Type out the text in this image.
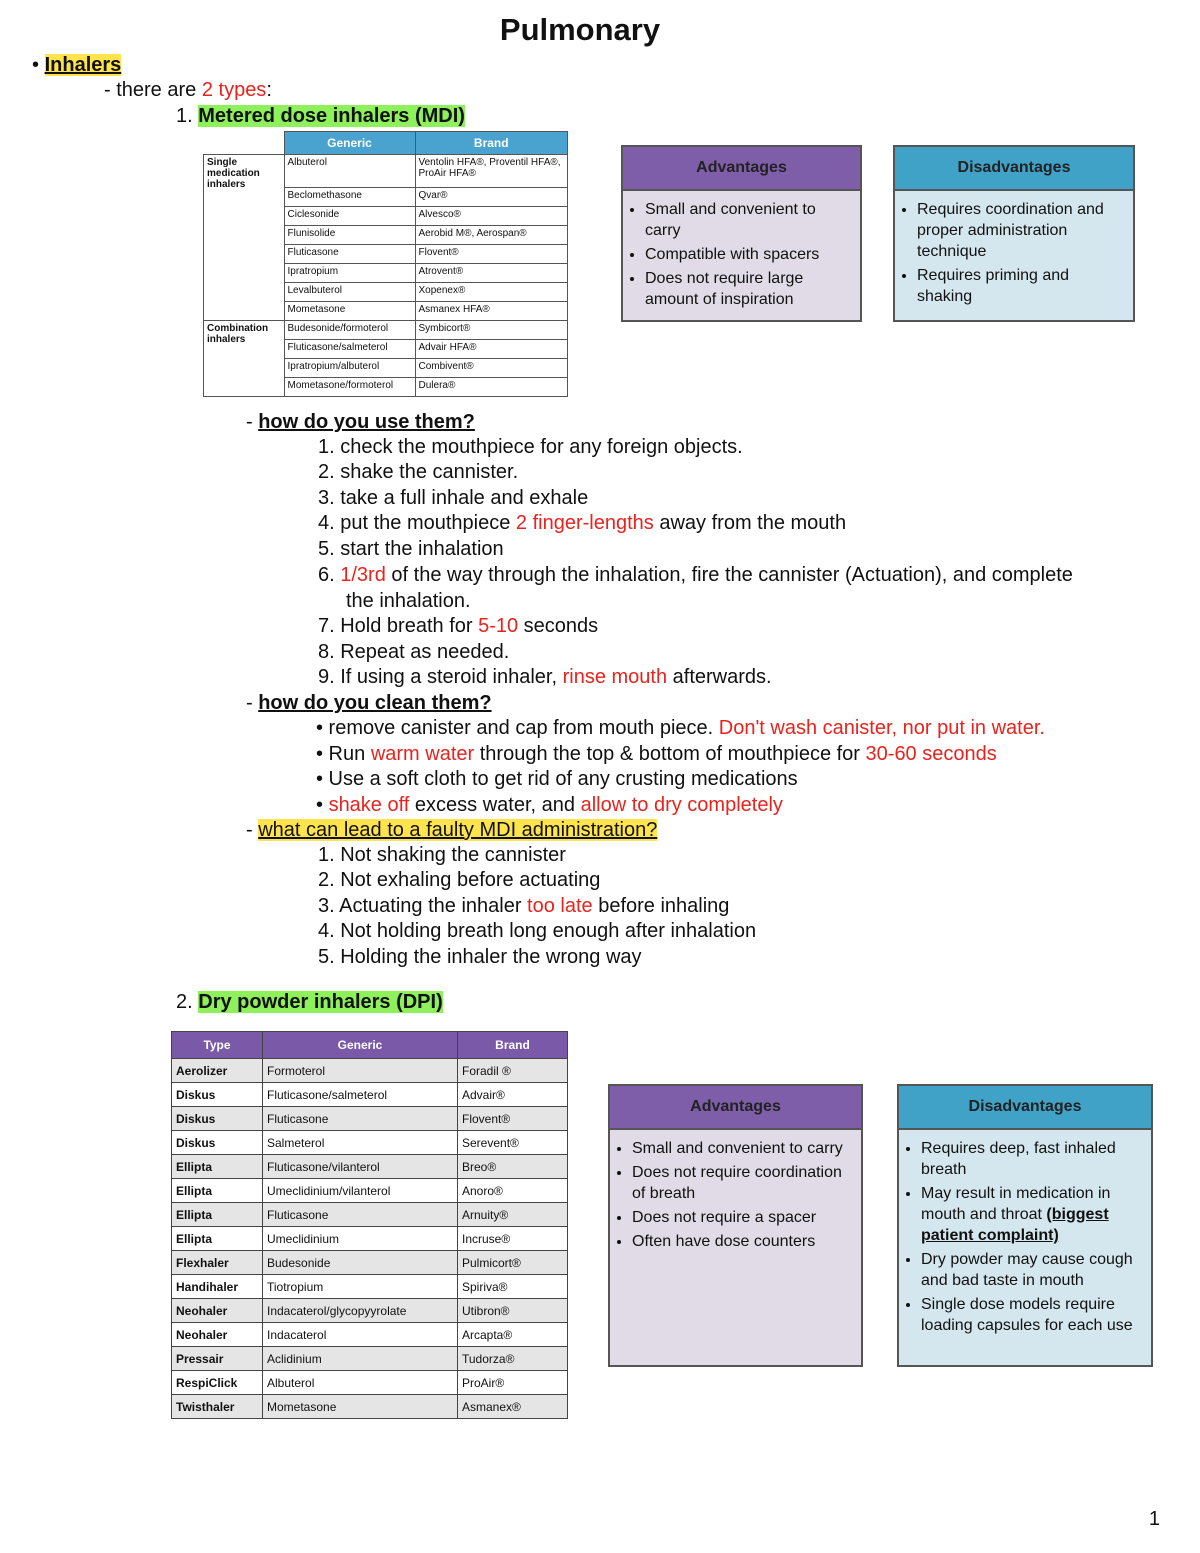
Pulmonary
• Inhalers
- there are 2 types:
1. Metered dose inhalers (MDI)
	Generic	Brand
Single medication inhalers	Albuterol	Ventolin HFA®, Proventil HFA®, ProAir HFA®
	Beclomethasone	Qvar®
	Ciclesonide	Alvesco®
	Flunisolide	Aerobid M®, Aerospan®
	Fluticasone	Flovent®
	Ipratropium	Atrovent®
	Levalbuterol	Xopenex®
	Mometasone	Asmanex HFA®
Combination inhalers	Budesonide/formoterol	Symbicort®
	Fluticasone/salmeterol	Advair HFA®
	Ipratropium/albuterol	Combivent®
	Mometasone/formoterol	Dulera®
Advantages
• Small and convenient to carry
• Compatible with spacers
• Does not require large amount of inspiration
Disadvantages
• Requires coordination and proper administration technique
• Requires priming and shaking
- how do you use them?
1. check the mouthpiece for any foreign objects.
2. shake the cannister.
3. take a full inhale and exhale
4. put the mouthpiece 2 finger-lengths away from the mouth
5. start the inhalation
6. 1/3rd of the way through the inhalation, fire the cannister (Actuation), and complete
the inhalation.
7. Hold breath for 5-10 seconds
8. Repeat as needed.
9. If using a steroid inhaler, rinse mouth afterwards.
- how do you clean them?
• remove canister and cap from mouth piece. Don't wash canister, nor put in water.
• Run warm water through the top & bottom of mouthpiece for 30-60 seconds
• Use a soft cloth to get rid of any crusting medications
• shake off excess water, and allow to dry completely
- what can lead to a faulty MDI administration?
1. Not shaking the cannister
2. Not exhaling before actuating
3. Actuating the inhaler too late before inhaling
4. Not holding breath long enough after inhalation
5. Holding the inhaler the wrong way
2. Dry powder inhalers (DPI)
Type	Generic	Brand
Aerolizer	Formoterol	Foradil ®
Diskus	Fluticasone/salmeterol	Advair®
Diskus	Fluticasone	Flovent®
Diskus	Salmeterol	Serevent®
Ellipta	Fluticasone/vilanterol	Breo®
Ellipta	Umeclidinium/vilanterol	Anoro®
Ellipta	Fluticasone	Arnuity®
Ellipta	Umeclidinium	Incruse®
Flexhaler	Budesonide	Pulmicort®
Handihaler	Tiotropium	Spiriva®
Neohaler	Indacaterol/glycopyyrolate	Utibron®
Neohaler	Indacaterol	Arcapta®
Pressair	Aclidinium	Tudorza®
RespiClick	Albuterol	ProAir®
Twisthaler	Mometasone	Asmanex®
Advantages
• Small and convenient to carry
• Does not require coordination of breath
• Does not require a spacer
• Often have dose counters
Disadvantages
• Requires deep, fast inhaled breath
• May result in medication in mouth and throat (biggest patient complaint)
• Dry powder may cause cough and bad taste in mouth
• Single dose models require loading capsules for each use
1
